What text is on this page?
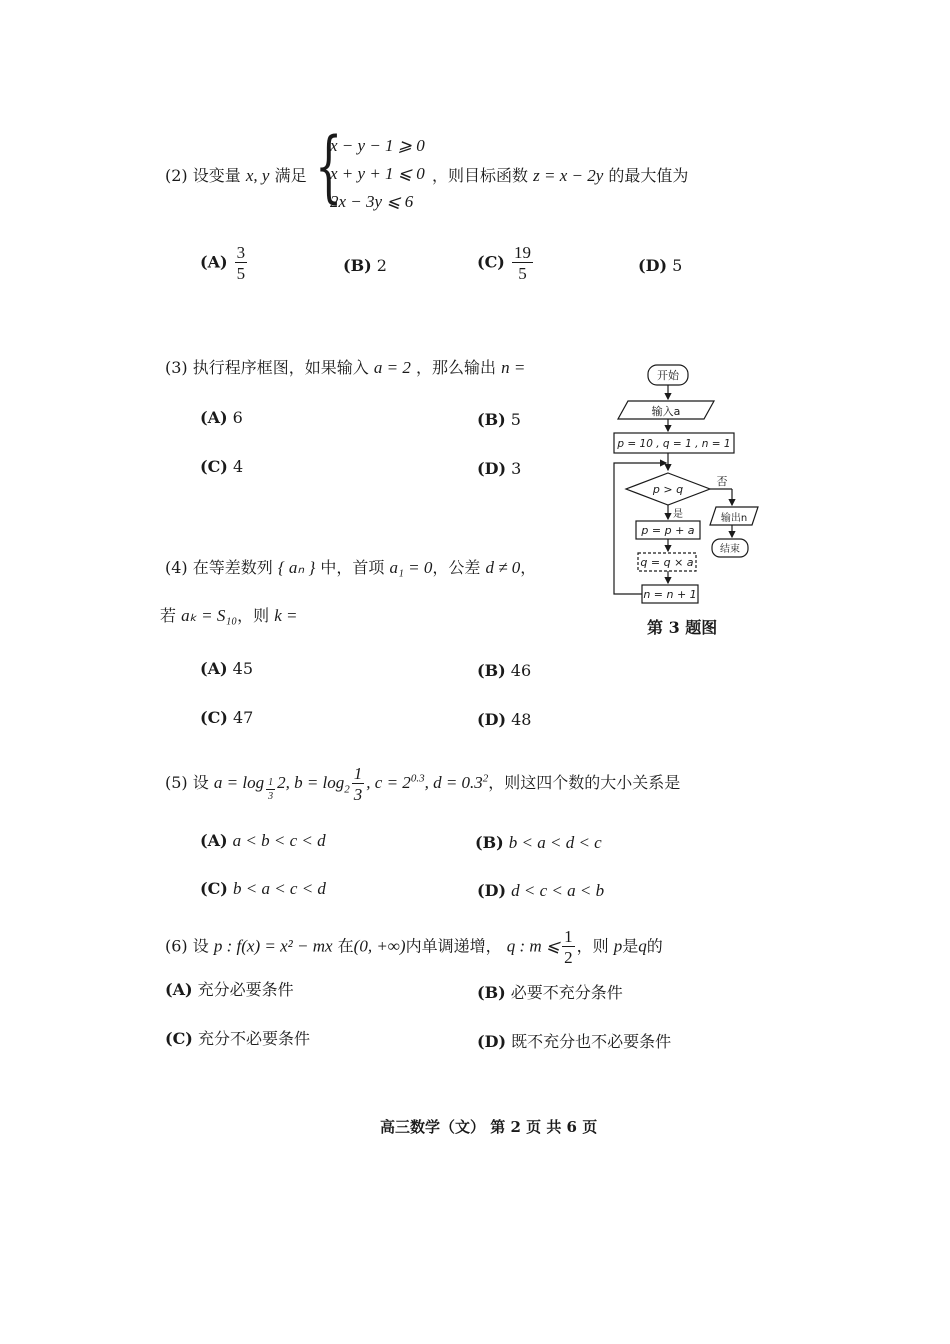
(2) 设变量 x, y 满足 {
x − y − 1 ⩾ 0
x + y + 1 ⩽ 0
2x − 3y ⩽ 6
，则目标函数 z = x − 2y 的最大值为
$(A) \frac{3}{5}$	(B) 2	$(C) \frac{19}{5}$	(D) 5
(3) 执行程序框图，如果输入 a = 2 ，那么输出 n =
(A) 6	(B) 5
(C) 4	(D) 3
开始
输入a
p = 10 , q = 1 , n = 1
p > q
否
是	输出n
结束
p = p + a
q = q × a
n = n + 1
第 3 题图
(4) 在等差数列 { aₙ } 中，首项 a₁ = 0，公差 d ≠ 0，
若 aₖ = S₁₀，则 k =
(A) 45	(B) 46
(C) 47	(D) 48
(5) 设 a = log $_{\frac{1}{3}}$ 2, $b = \log_2 \frac{1}{3}$ , $c = 2^{0.3}$, $d = 0.3^2$，则这四个数的大小关系是
(A) a < b < c < d	(B) b < a < d < c
(C) b < a < c < d	(D) d < c < a < b
(6) 设 p : f(x) = x² − mx 在(0, +∞)内单调递增， q : m ⩽ $\frac{1}{2}$ ，则 p是q的
(A) 充分必要条件	(B) 必要不充分条件
(C) 充分不必要条件	(D) 既不充分也不必要条件
高三数学（文） 第 2 页 共 6 页
